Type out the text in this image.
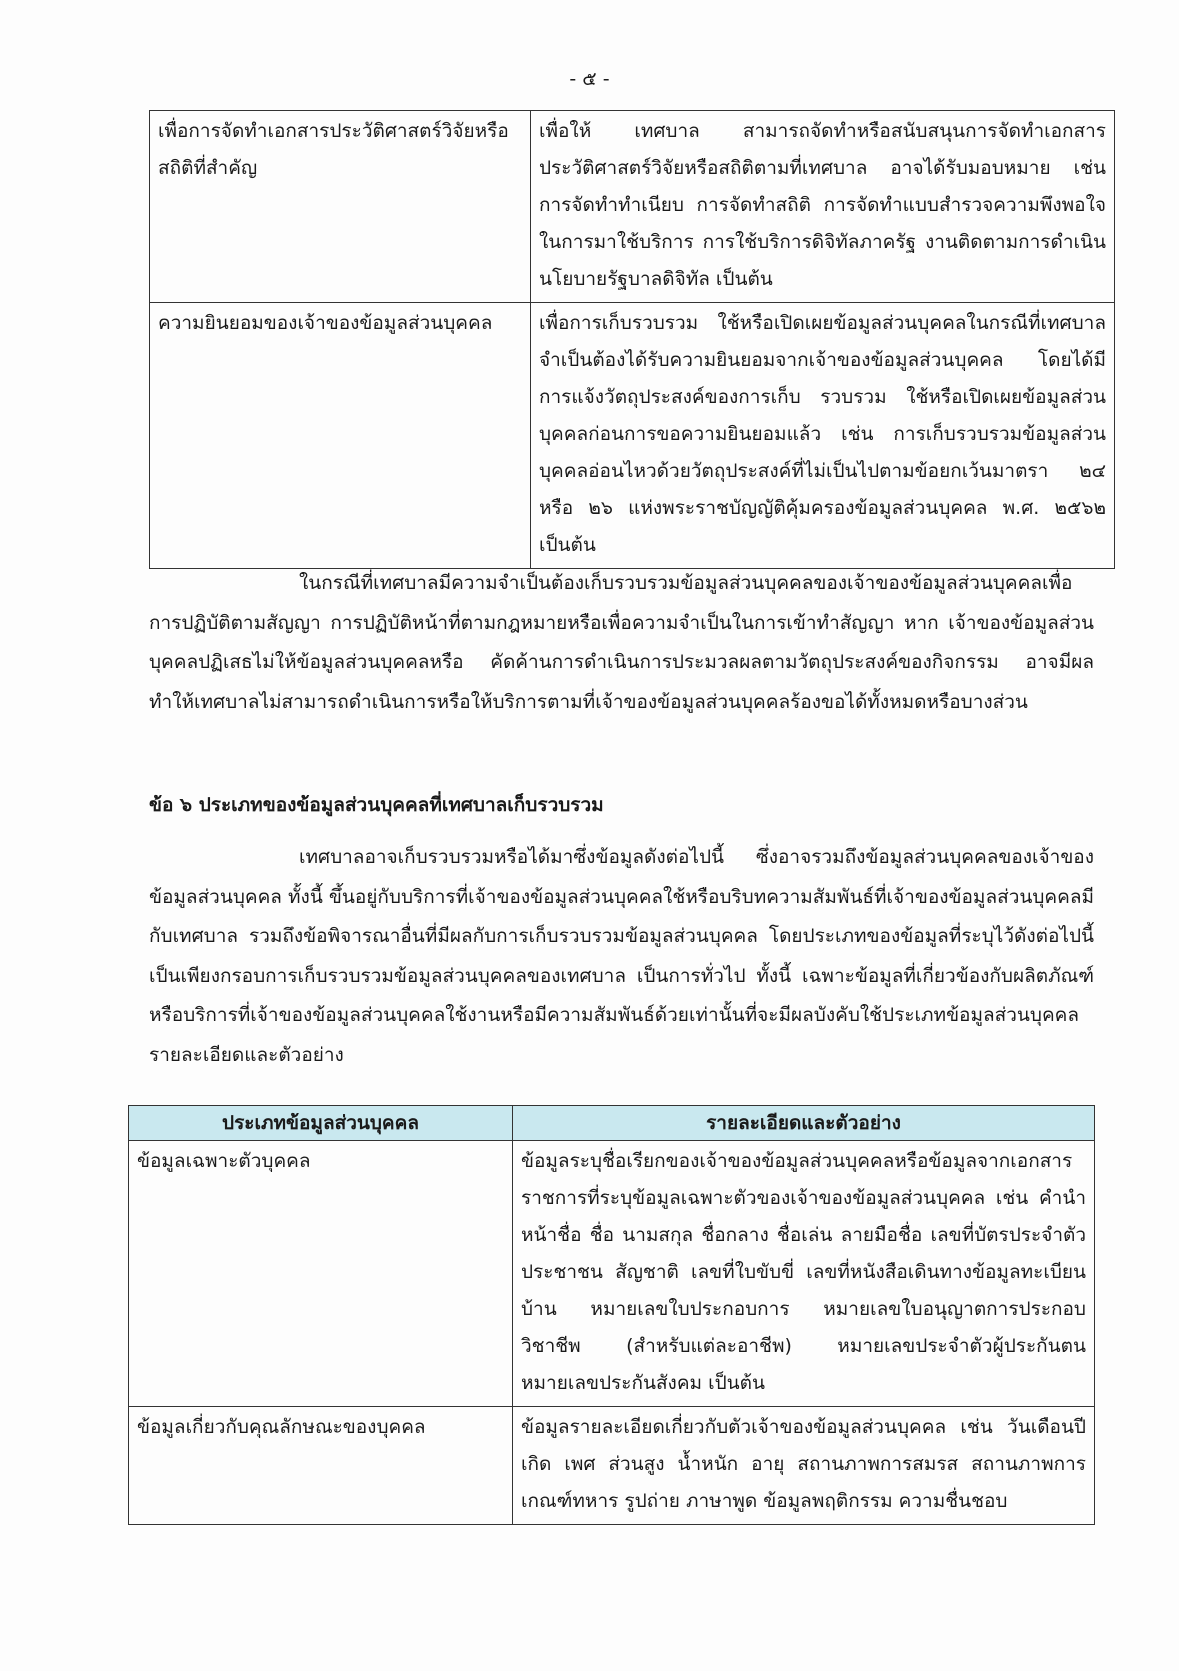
- ๕ -
เพื่อการจัดทำเอกสารประวัติศาสตร์วิจัยหรือสถิติที่สำคัญ	เพื่อให้ เทศบาล สามารถจัดทำหรือสนับสนุนการจัดทำเอกสารประวัติศาสตร์วิจัยหรือสถิติตามที่เทศบาล อาจได้รับมอบหมาย เช่น การจัดทำทำเนียบ การจัดทำสถิติ การจัดทำแบบสำรวจความพึงพอใจในการมาใช้บริการ การใช้บริการดิจิทัลภาครัฐ งานติดตามการดำเนินนโยบายรัฐบาลดิจิทัล เป็นต้น
ความยินยอมของเจ้าของข้อมูลส่วนบุคคล	เพื่อการเก็บรวบรวม ใช้หรือเปิดเผยข้อมูลส่วนบุคคลในกรณีที่เทศบาล จำเป็นต้องได้รับความยินยอมจากเจ้าของข้อมูลส่วนบุคคล โดยได้มีการแจ้งวัตถุประสงค์ของการเก็บ รวบรวม ใช้หรือเปิดเผยข้อมูลส่วนบุคคลก่อนการขอความยินยอมแล้ว เช่น การเก็บรวบรวมข้อมูลส่วนบุคคลอ่อนไหวด้วยวัตถุประสงค์ที่ไม่เป็นไปตามข้อยกเว้นมาตรา ๒๔ หรือ ๒๖ แห่งพระราชบัญญัติคุ้มครองข้อมูลส่วนบุคคล พ.ศ. ๒๕๖๒ เป็นต้น
ในกรณีที่เทศบาลมีความจำเป็นต้องเก็บรวบรวมข้อมูลส่วนบุคคลของเจ้าของข้อมูลส่วนบุคคลเพื่อการปฏิบัติตามสัญญา การปฏิบัติหน้าที่ตามกฎหมายหรือเพื่อความจำเป็นในการเข้าทำสัญญา หาก เจ้าของข้อมูลส่วนบุคคลปฏิเสธไม่ให้ข้อมูลส่วนบุคคลหรือ คัดค้านการดำเนินการประมวลผลตามวัตถุประสงค์ของกิจกรรม อาจมีผลทำให้เทศบาลไม่สามารถดำเนินการหรือให้บริการตามที่เจ้าของข้อมูลส่วนบุคคลร้องขอได้ทั้งหมดหรือบางส่วน
ข้อ ๖ ประเภทของข้อมูลส่วนบุคคลที่เทศบาลเก็บรวบรวม
เทศบาลอาจเก็บรวบรวมหรือได้มาซึ่งข้อมูลดังต่อไปนี้ ซึ่งอาจรวมถึงข้อมูลส่วนบุคคลของเจ้าของข้อมูลส่วนบุคคล ทั้งนี้ ขึ้นอยู่กับบริการที่เจ้าของข้อมูลส่วนบุคคลใช้หรือบริบทความสัมพันธ์ที่เจ้าของข้อมูลส่วนบุคคลมีกับเทศบาล รวมถึงข้อพิจารณาอื่นที่มีผลกับการเก็บรวบรวมข้อมูลส่วนบุคคล โดยประเภทของข้อมูลที่ระบุไว้ดังต่อไปนี้เป็นเพียงกรอบการเก็บรวบรวมข้อมูลส่วนบุคคลของเทศบาล เป็นการทั่วไป ทั้งนี้ เฉพาะข้อมูลที่เกี่ยวข้องกับผลิตภัณฑ์หรือบริการที่เจ้าของข้อมูลส่วนบุคคลใช้งานหรือมีความสัมพันธ์ด้วยเท่านั้นที่จะมีผลบังคับใช้ประเภทข้อมูลส่วนบุคคลรายละเอียดและตัวอย่าง
ประเภทข้อมูลส่วนบุคคล	รายละเอียดและตัวอย่าง
ข้อมูลเฉพาะตัวบุคคล	ข้อมูลระบุชื่อเรียกของเจ้าของข้อมูลส่วนบุคคลหรือข้อมูลจากเอกสารราชการที่ระบุข้อมูลเฉพาะตัวของเจ้าของข้อมูลส่วนบุคคล เช่น คำนำหน้าชื่อ ชื่อ นามสกุล ชื่อกลาง ชื่อเล่น ลายมือชื่อ เลขที่บัตรประจำตัวประชาชน สัญชาติ เลขที่ใบขับขี่ เลขที่หนังสือเดินทางข้อมูลทะเบียนบ้าน หมายเลขใบประกอบการ หมายเลขใบอนุญาตการประกอบวิชาชีพ (สำหรับแต่ละอาชีพ) หมายเลขประจำตัวผู้ประกันตน หมายเลขประกันสังคม เป็นต้น
ข้อมูลเกี่ยวกับคุณลักษณะของบุคคล	ข้อมูลรายละเอียดเกี่ยวกับตัวเจ้าของข้อมูลส่วนบุคคล เช่น วันเดือนปีเกิด เพศ ส่วนสูง น้ำหนัก อายุ สถานภาพการสมรส สถานภาพการเกณฑ์ทหาร รูปถ่าย ภาษาพูด ข้อมูลพฤติกรรม ความชื่นชอบ
